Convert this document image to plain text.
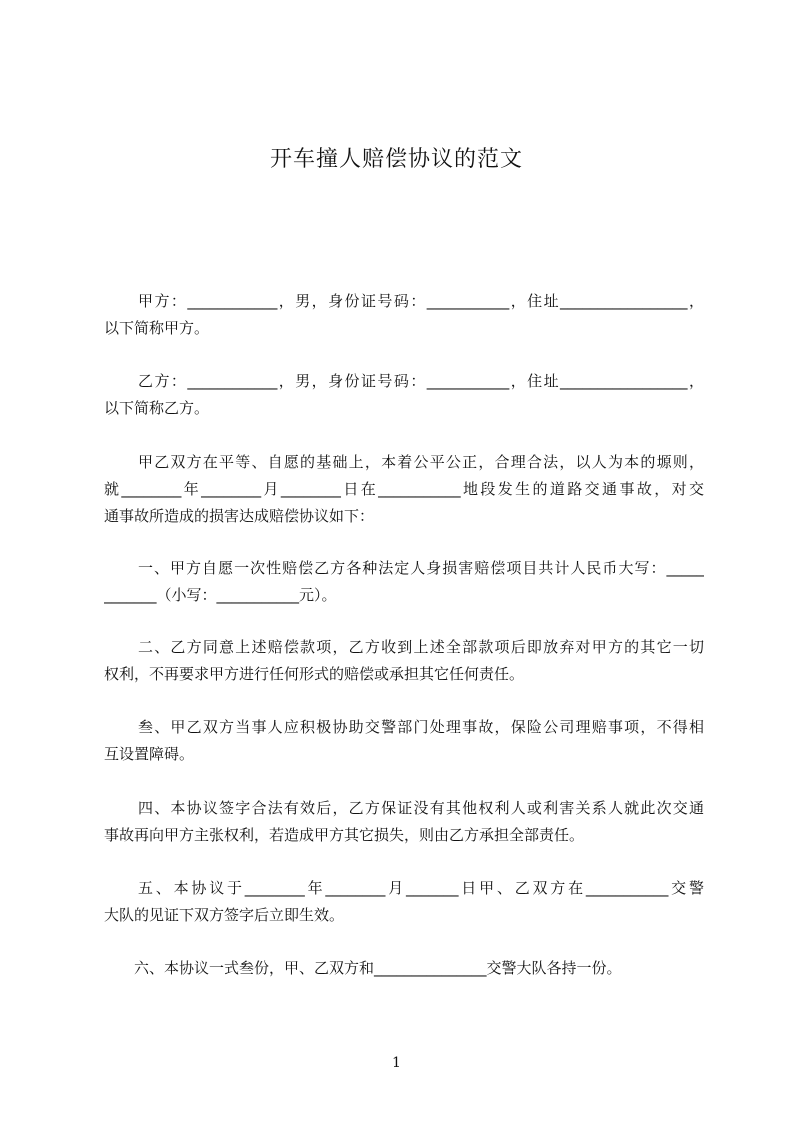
开车撞人赔偿协议的范文
甲方：____________，男，身份证号码：___________，住址_________________，
以下简称甲方。
乙方：____________，男，身份证号码：___________，住址_________________，
以下简称乙方。
甲乙双方在平等、自愿的基础上，本着公平公正，合理合法，以人为本的塬则，
就________年________月________日在___________地段发生的道路交通事故，对交
通事故所造成的损害达成赔偿协议如下：
一、甲方自愿一次性赔偿乙方各种法定人身损害赔偿项目共计人民币大写：_____
_______（小写：___________元）。
二、乙方同意上述赔偿款项，乙方收到上述全部款项后即放弃对甲方的其它一切
权利，不再要求甲方进行任何形式的赔偿或承担其它任何责任。
叁、甲乙双方当事人应积极协助交警部门处理事故，保险公司理赔事项，不得相
互设置障碍。
四、本协议签字合法有效后，乙方保证没有其他权利人或利害关系人就此次交通
事故再向甲方主张权利，若造成甲方其它损失，则由乙方承担全部责任。
五、本协议于________年________月_______日甲、乙双方在___________交警
大队的见证下双方签字后立即生效。
六、本协议一式叁份，甲、乙双方和_______________交警大队各持一份。
1
